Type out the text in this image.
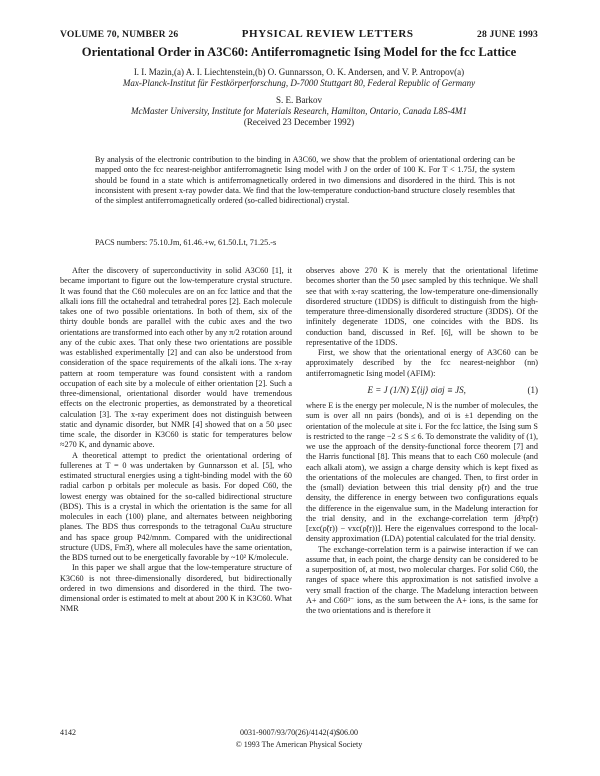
VOLUME 70, NUMBER 26	PHYSICAL REVIEW LETTERS	28 JUNE 1993
Orientational Order in A3C60: Antiferromagnetic Ising Model for the fcc Lattice
I. I. Mazin,(a) A. I. Liechtenstein,(b) O. Gunnarsson, O. K. Andersen, and V. P. Antropov(a)
Max-Planck-Institut für Festkörperforschung, D-7000 Stuttgart 80, Federal Republic of Germany
S. E. Barkov
McMaster University, Institute for Materials Research, Hamilton, Ontario, Canada L8S-4M1
(Received 23 December 1992)
By analysis of the electronic contribution to the binding in A3C60, we show that the problem of orientational ordering can be mapped onto the fcc nearest-neighbor antiferromagnetic Ising model with J on the order of 100 K. For T < 1.75J, the system should be found in a state which is antiferromagnetically ordered in two dimensions and disordered in the third. This is not inconsistent with present x-ray powder data. We find that the low-temperature conduction-band structure closely resembles that of the simplest antiferromagnetically ordered (so-called bidirectional) crystal.
PACS numbers: 75.10.Jm, 61.46.+w, 61.50.Lt, 71.25.-s

After the discovery of superconductivity in solid A3C60 [1], it became important to figure out the low-temperature crystal structure. It was found that the C60 molecules are on an fcc lattice and that the alkali ions fill the octahedral and tetrahedral pores [2]. Each molecule takes one of two possible orientations. In both of them, six of the thirty double bonds are parallel with the cubic axes and the two orientations are transformed into each other by any π/2 rotation around any of the cubic axes. That only these two orientations are possible was established experimentally [2] and can also be understood from consideration of the space requirements of the alkali ions. The x-ray pattern at room temperature was found consistent with a random occupation of each site by a molecule of either orientation [2]. Such a three-dimensional, orientational disorder would have tremendous effects on the electronic properties, as demonstrated by a theoretical calculation [3]. The x-ray experiment does not distinguish between static and dynamic disorder, but NMR [4] showed that on a 50 μsec time scale, the disorder in K3C60 is static for temperatures below ≈270 K, and dynamic above.

A theoretical attempt to predict the orientational ordering of fullerenes at T = 0 was undertaken by Gunnarsson et al. [5], who estimated structural energies using a tight-binding model with the 60 radial carbon p orbitals per molecule as basis. For doped C60, the lowest energy was obtained for the so-called bidirectional structure (BDS). This is a crystal in which the orientation is the same for all molecules in each (100) plane, and alternates between neighboring planes. The BDS thus corresponds to the tetragonal CuAu structure and has space group P42/mnm. Compared with the unidirectional structure (UDS, Fm3̄), where all molecules have the same orientation, the BDS turned out to be energetically favorable by ~10² K/molecule.

In this paper we shall argue that the low-temperature structure of K3C60 is not three-dimensionally disordered, but bidirectionally ordered in two dimensions and disordered in the third. The two-dimensional order is estimated to melt at about 200 K in K3C60. What NMR

observes above 270 K is merely that the orientational lifetime becomes shorter than the 50 μsec sampled by this technique. We shall see that with x-ray scattering, the low-temperature one-dimensionally disordered structure (1DDS) is difficult to distinguish from the high-temperature three-dimensionally disordered structure (3DDS). Of the infinitely degenerate 1DDS, one coincides with the BDS. Its conduction band, discussed in Ref. [6], will be shown to be representative of the 1DDS.

First, we show that the orientational energy of A3C60 can be approximately described by the fcc nearest-neighbor (nn) antiferromagnetic Ising model (AFIM):

E = J (1/N) Σ⟨ij⟩ σiσj ≡ JS,	(1)

where E is the energy per molecule, N is the number of molecules, the sum is over all nn pairs (bonds), and σi is ±1 depending on the orientation of the molecule at site i. For the fcc lattice, the Ising sum S is restricted to the range −2 ≤ S ≤ 6. To demonstrate the validity of (1), we use the approach of the density-functional force theorem [7] and the Harris functional [8]. This means that to each C60 molecule (and each alkali atom), we assign a charge density which is kept fixed as the orientations of the molecules are changed. Then, to first order in the (small) deviation between this trial density ρ̃(r) and the true density, the difference in energy between two configurations equals the difference in the eigenvalue sum, in the Madelung interaction for the trial density, and in the exchange-correlation term ∫d³rρ̃(r)[εxc(ρ̃(r)) − vxc(ρ̃(r))]. Here the eigenvalues correspond to the local-density approximation (LDA) potential calculated for the trial density.

The exchange-correlation term is a pairwise interaction if we can assume that, in each point, the charge density can be considered to be a superposition of, at most, two molecular charges. For solid C60, the ranges of space where this approximation is not satisfied involve a very small fraction of the charge. The Madelung interaction between A+ and C60³⁻ ions, as the sum between the A+ ions, is the same for the two orientations and is therefore it

4142	0031-9007/93/70(26)/4142(4)$06.00
© 1993 The American Physical Society
